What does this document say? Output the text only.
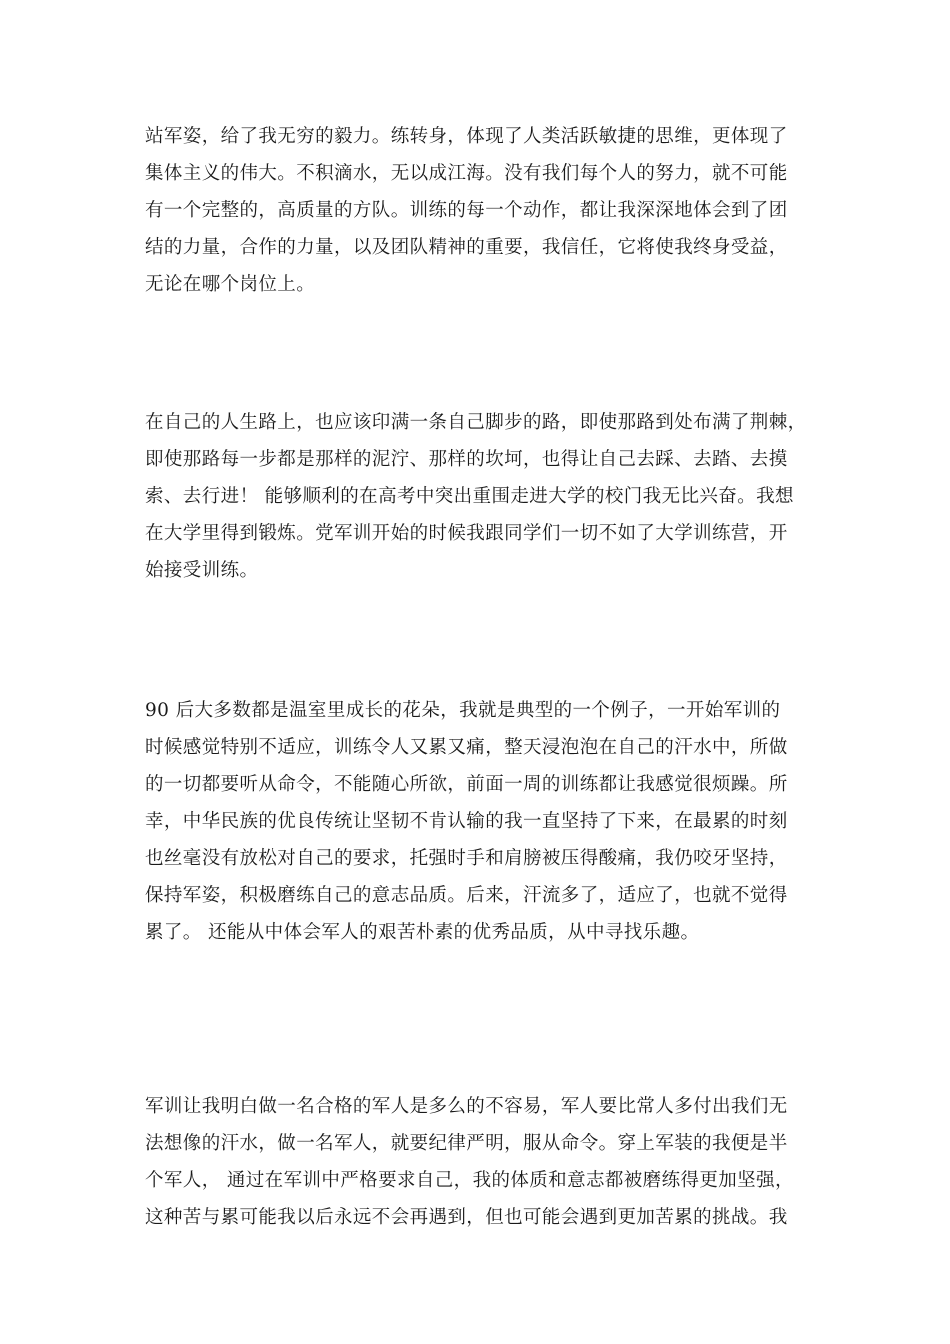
站军姿，给了我无穷的毅力。练转身，体现了人类活跃敏捷的思维，更体现了
集体主义的伟大。不积滴水，无以成江海。没有我们每个人的努力，就不可能
有一个完整的，高质量的方队。训练的每一个动作，都让我深深地体会到了团
结的力量，合作的力量，以及团队精神的重要，我信任，它将使我终身受益，
无论在哪个岗位上。
在自己的人生路上，也应该印满一条自己脚步的路，即使那路到处布满了荆棘，
即使那路每一步都是那样的泥泞、那样的坎坷，也得让自己去踩、去踏、去摸
索、去行进！ 能够顺利的在高考中突出重围走进大学的校门我无比兴奋。我想
在大学里得到锻炼。党军训开始的时候我跟同学们一切不如了大学训练营，开
始接受训练。
90 后大多数都是温室里成长的花朵，我就是典型的一个例子，一开始军训的
时候感觉特别不适应，训练令人又累又痛，整天浸泡泡在自己的汗水中，所做
的一切都要听从命令，不能随心所欲，前面一周的训练都让我感觉很烦躁。所
幸，中华民族的优良传统让坚韧不肯认输的我一直坚持了下来，在最累的时刻
也丝毫没有放松对自己的要求，托强时手和肩膀被压得酸痛，我仍咬牙坚持，
保持军姿，积极磨练自己的意志品质。后来，汗流多了，适应了，也就不觉得
累了。 还能从中体会军人的艰苦朴素的优秀品质，从中寻找乐趣。
军训让我明白做一名合格的军人是多么的不容易，军人要比常人多付出我们无
法想像的汗水，做一名军人，就要纪律严明，服从命令。穿上军装的我便是半
个军人， 通过在军训中严格要求自己，我的体质和意志都被磨练得更加坚强，
这种苦与累可能我以后永远不会再遇到，但也可能会遇到更加苦累的挑战。我
